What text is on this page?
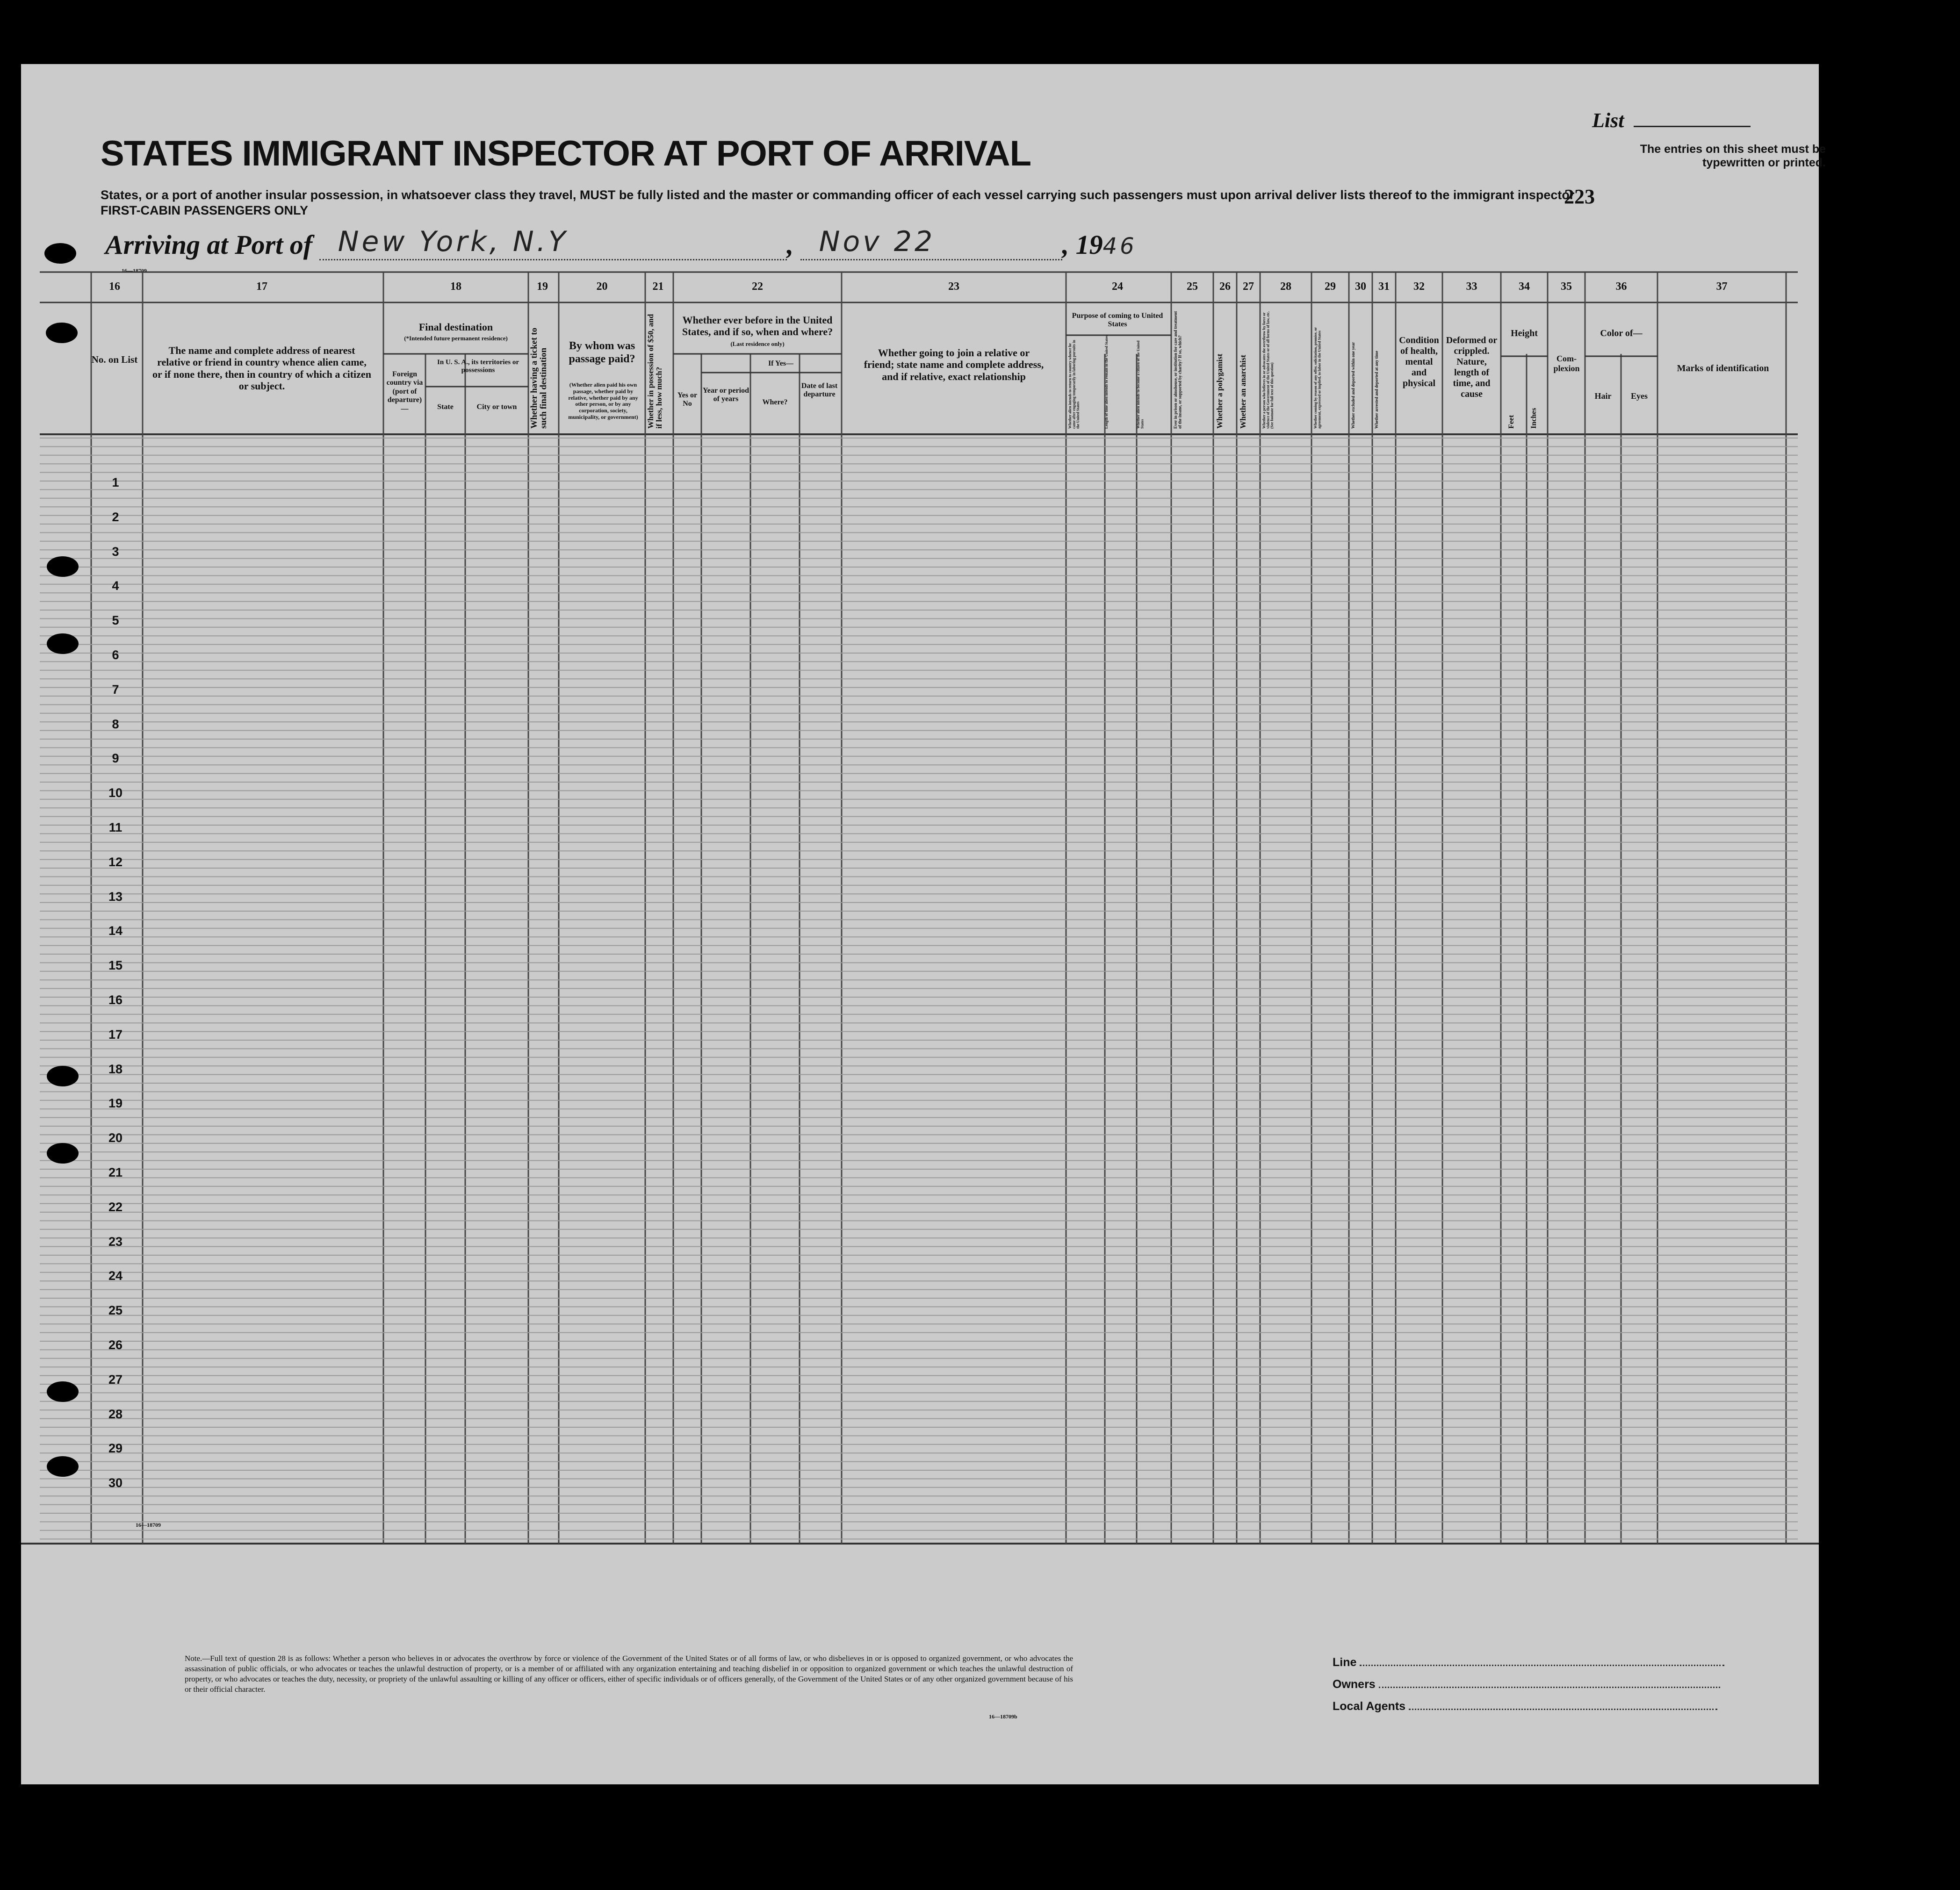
STATES IMMIGRANT INSPECTOR AT PORT OF ARRIVAL
States, or a port of another insular possession, in whatsoever class they travel, MUST be fully listed and the master or commanding officer of each vessel carrying such passengers must upon arrival deliver lists thereof to the immigrant inspector
FIRST-CABIN PASSENGERS ONLY
List
The entries on this sheet must be typewritten or printed.
223
Arriving at Port of New York, N.Y	, Nov 22	, 1946
16—18709
16	17	18	19	20	21	22	23	24	25	26	27	28	29	30	31	32	33	34	35	36	37
No. on List
The name and complete address of nearest relative or friend in country whence alien came, or if none there, then in country of which a citizen or subject.
Final destination
(*Intended future permanent residence)
Foreign country via (port of departure)—
In U. S. A., its territories or possessions
State	City or town	Whether having a ticket to such final destination
By whom was passage paid?
(Whether alien paid his own passage, whether paid by relative, whether paid by any other person, or by any corporation, society, municipality, or government)	Whether in possession of $50, and if less, how much?
Whether ever before in the United States, and if so, when and where?
(Last residence only)
Yes or No
If Yes—
Year or period of years	Where?
Date of last departure
Whether going to join a relative or friend; state name and complete address, and if relative, exact relationship
Purpose of coming to United States
Whether alien intends to return to country whence he came after engaging temporarily in laboring pursuits in the United States	Length of time alien intends to remain in the United States	Whether alien intends to become a citizen of the United States	Ever in prison or almshouse, or institution for care and treatment of the insane, or supported by charity? If so, which?	Whether a polygamist	Whether an anarchist	Whether a person who believes in or advocates the overthrow by force or violence of the Government of the United States or of all forms of law, etc. (See footnote for full text of this question)	Whether coming by reason of any offer, solicitation, promise, or agreement, expressed or implied, to labor in the United States	Whether excluded and deported within one year	Whether arrested and deported at any time
Condition of health, mental and physical
Deformed or crippled. Nature, length of time, and cause
Height
Feet	Inches
Com-plexion
Color of—
Hair	Eyes
Marks of identification
1
2
3
4
5
6
7
8
9
10
11
12
13
14
15
16
17
18
19
20
21
22
23
24
25
26
27
28
29
30
16—18709
Note.—Full text of question 28 is as follows: Whether a person who believes in or advocates the overthrow by force or violence of the Government of the United States or of all forms of law, or who disbelieves in or is opposed to organized government, or who advocates the assassination of public officials, or who advocates or teaches the unlawful destruction of property, or is a member of or affiliated with any organization entertaining and teaching disbelief in or opposition to organized government or which teaches the unlawful destruction of property, or who advocates or teaches the duty, necessity, or propriety of the unlawful assaulting or killing of any officer or officers, either of specific individuals or of officers generally, of the Government of the United States or of any other organized government because of his or their official character.
16—18709b
Line
Owners
Local Agents
